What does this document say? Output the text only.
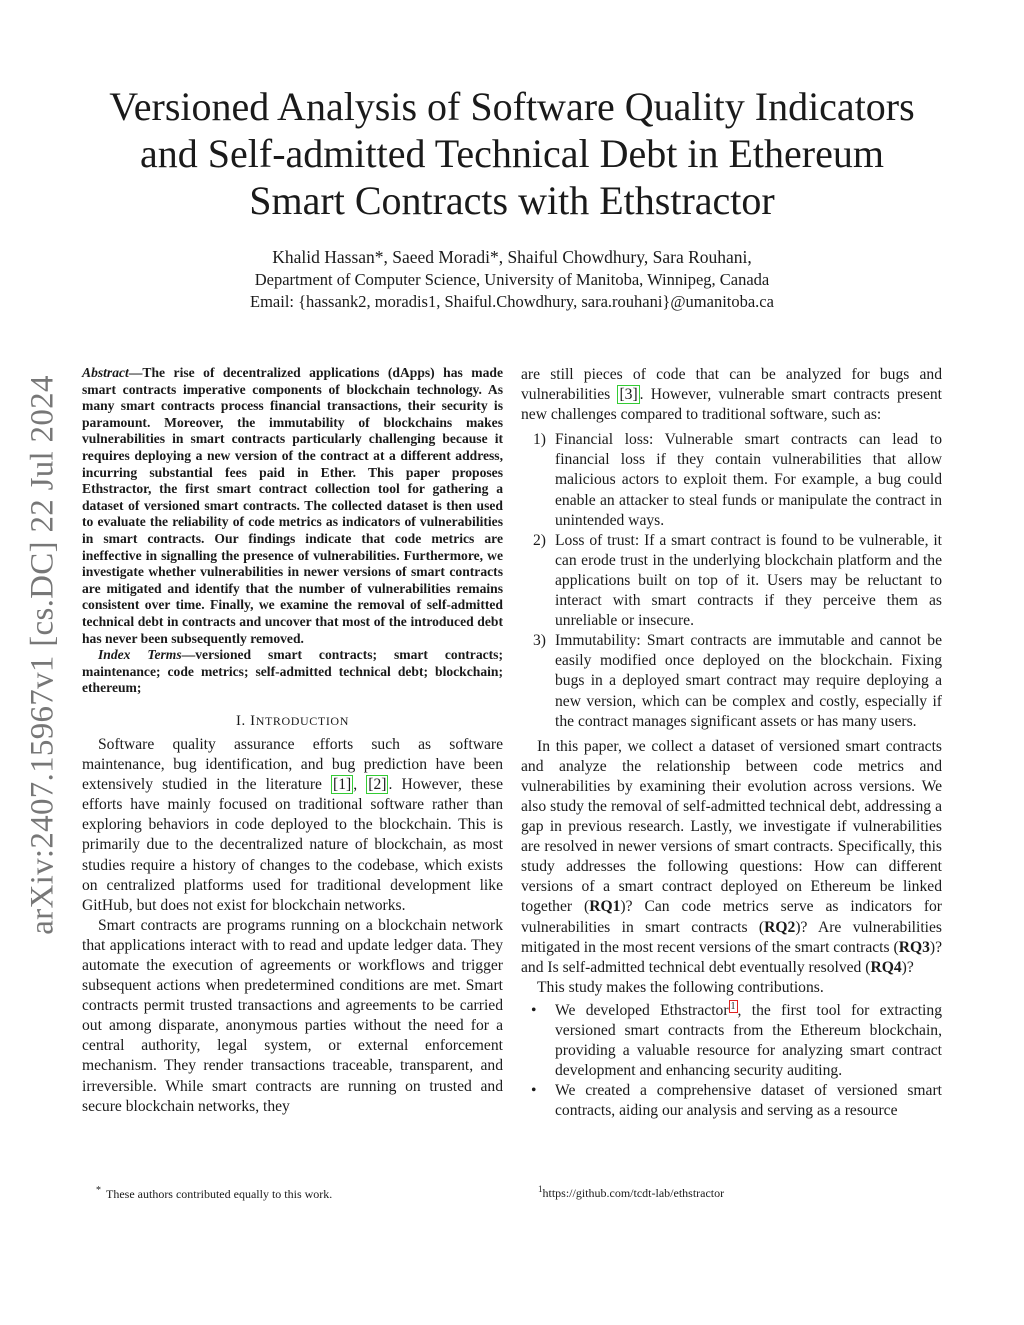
arXiv:2407.15967v1 [cs.DC] 22 Jul 2024
Versioned Analysis of Software Quality Indicators
and Self-admitted Technical Debt in Ethereum
Smart Contracts with Ethstractor
Khalid Hassan*, Saeed Moradi*, Shaiful Chowdhury, Sara Rouhani,
Department of Computer Science, University of Manitoba, Winnipeg, Canada
Email: {hassank2, moradis1, Shaiful.Chowdhury, sara.rouhani}@umanitoba.ca
Abstract—The rise of decentralized applications (dApps) has made smart contracts imperative components of blockchain technology. As many smart contracts process financial transactions, their security is paramount. Moreover, the immutability of blockchains makes vulnerabilities in smart contracts particularly challenging because it requires deploying a new version of the contract at a different address, incurring substantial fees paid in Ether. This paper proposes Ethstractor, the first smart contract collection tool for gathering a dataset of versioned smart contracts. The collected dataset is then used to evaluate the reliability of code metrics as indicators of vulnerabilities in smart contracts. Our findings indicate that code metrics are ineffective in signalling the presence of vulnerabilities. Furthermore, we investigate whether vulnerabilities in newer versions of smart contracts are mitigated and identify that the number of vulnerabilities remains consistent over time. Finally, we examine the removal of self-admitted technical debt in contracts and uncover that most of the introduced debt has never been subsequently removed.
Index Terms—versioned smart contracts; smart contracts; maintenance; code metrics; self-admitted technical debt; blockchain; ethereum;
I. INTRODUCTION

Software quality assurance efforts such as software maintenance, bug identification, and bug prediction have been extensively studied in the literature [1] , [2] . However, these efforts have mainly focused on traditional software rather than exploring behaviors in code deployed to the blockchain. This is primarily due to the decentralized nature of blockchain, as most studies require a history of changes to the codebase, which exists on centralized platforms used for traditional development like GitHub, but does not exist for blockchain networks.

Smart contracts are programs running on a blockchain network that applications interact with to read and update ledger data. They automate the execution of agreements or workflows and trigger subsequent actions when predetermined conditions are met. Smart contracts permit trusted transactions and agreements to be carried out among disparate, anonymous parties without the need for a central authority, legal system, or external enforcement mechanism. They render transactions traceable, transparent, and irreversible. While smart contracts are running on trusted and secure blockchain networks, they

are still pieces of code that can be analyzed for bugs and vulnerabilities [3] . However, vulnerable smart contracts present new challenges compared to traditional software, such as:

1) Financial loss: Vulnerable smart contracts can lead to financial loss if they contain vulnerabilities that allow malicious actors to exploit them. For example, a bug could enable an attacker to steal funds or manipulate the contract in unintended ways.
2) Loss of trust: If a smart contract is found to be vulnerable, it can erode trust in the underlying blockchain platform and the applications built on top of it. Users may be reluctant to interact with smart contracts if they perceive them as unreliable or insecure.
3) Immutability: Smart contracts are immutable and cannot be easily modified once deployed on the blockchain. Fixing bugs in a deployed smart contract may require deploying a new version, which can be complex and costly, especially if the contract manages significant assets or has many users.

In this paper, we collect a dataset of versioned smart contracts and analyze the relationship between code metrics and vulnerabilities by examining their evolution across versions. We also study the removal of self-admitted technical debt, addressing a gap in previous research. Lastly, we investigate if vulnerabilities are resolved in newer versions of smart contracts. Specifically, this study addresses the following questions: How can different versions of a smart contract deployed on Ethereum be linked together (RQ1)? Can code metrics serve as indicators for vulnerabilities in smart contracts (RQ2)? Are vulnerabilities mitigated in the most recent versions of the smart contracts (RQ3)? and Is self-admitted technical debt eventually resolved (RQ4)?

This study makes the following contributions.

•	We developed Ethstractor $^1$ , the first tool for extracting versioned smart contracts from the Ethereum blockchain, providing a valuable resource for analyzing smart contract development and enhancing security auditing.
•	We created a comprehensive dataset of versioned smart contracts, aiding our analysis and serving as a resource
* These authors contributed equally to this work.	$^1$https://github.com/tcdt-lab/ethstractor
